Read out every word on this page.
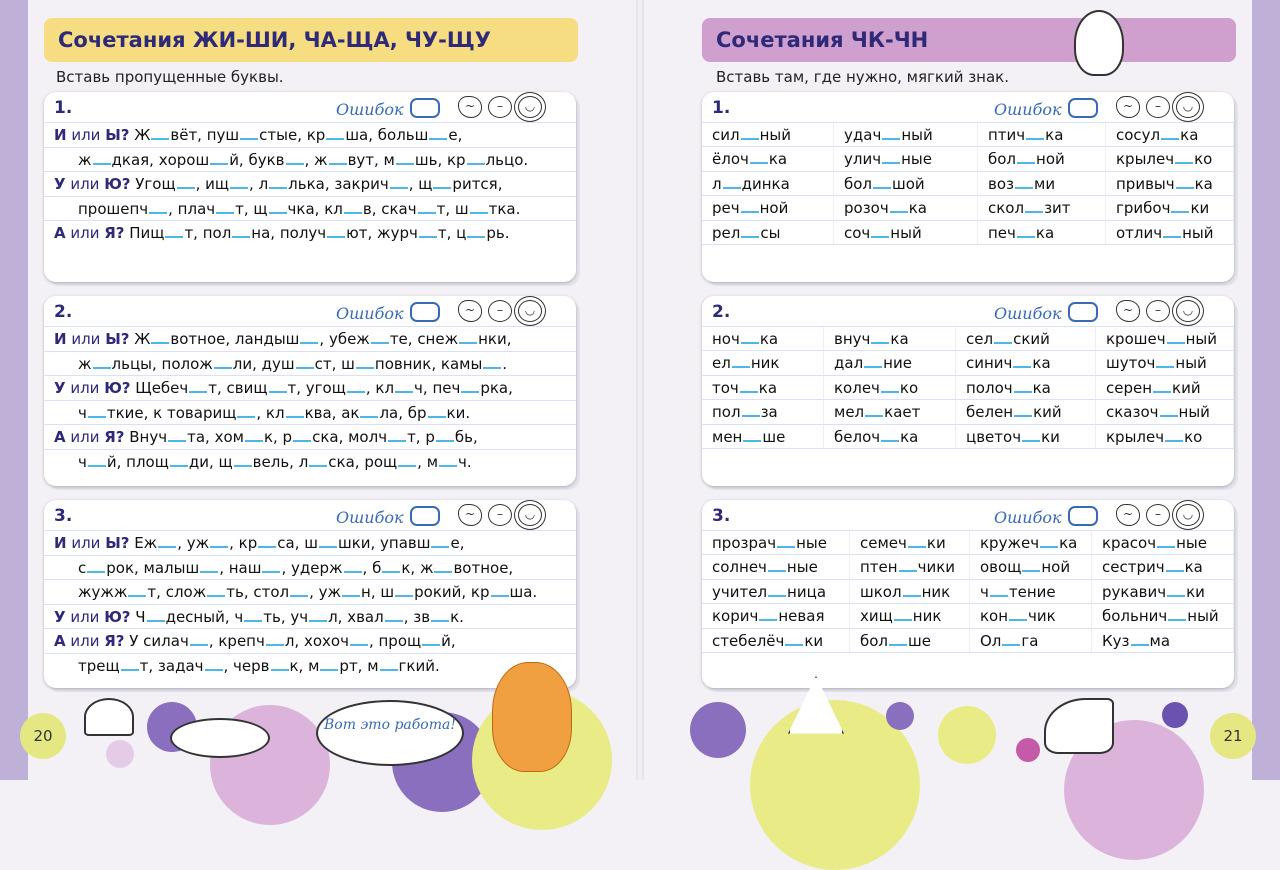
Сочетания ЖИ-ШИ, ЧА-ЩА, ЧУ-ЩУ
Вставь пропущенные буквы.
1.	Ошибок	~	–	◡
И или Ы? Ж вёт, пуш стые, кр ша, больш е,
ж дкая, хорош й, букв , ж вут, м шь, кр льцо.
У или Ю? Угощ , ищ , л лька, закрич , щ рится,
прошепч , плач т, щ чка, кл в, скач т, ш тка.
А или Я? Пищ т, пол на, получ ют, журч т, ц рь.
2.	Ошибок	~	–	◡
И или Ы? Ж вотное, ландыш , убеж те, снеж нки,
ж льцы, полож ли, душ ст, ш повник, камы .
У или Ю? Щебеч т, свищ т, угощ , кл ч, печ рка,
ч ткие, к товарищ , кл ква, ак ла, бр ки.
А или Я? Внуч та, хом к, р ска, молч т, р бь,
ч й, площ ди, щ вель, л ска, рощ , м ч.
3.	Ошибок	~	–	◡
И или Ы? Еж , уж , кр са, ш шки, упавш е,
с рок, малыш , наш , удерж , б к, ж вотное,
жужж т, слож ть, стол , уж н, ш рокий, кр ша.
У или Ю? Ч десный, ч ть, уч л, хвал , зв к.
А или Я? У силач , крепч л, хохоч , прощ й,
трещ т, задач , черв к, м рт, м гкий.
20
Вот это работа!
Сочетания ЧК-ЧН
Вставь там, где нужно, мягкий знак.
1.	Ошибок	~	–	◡
сил ный	удач ный	птич ка	сосул ка
ёлоч ка	улич ные	бол ной	крылеч ко
л динка	бол шой	воз ми	привыч ка
реч ной	розоч ка	скол зит	грибоч ки
рел сы	соч ный	печ ка	отлич ный
2.	Ошибок	~	–	◡
ноч ка	внуч ка	сел ский	крошеч ный
ел ник	дал ние	синич ка	шуточ ный
точ ка	колеч ко	полоч ка	серен кий
пол за	мел кает	белен кий	сказоч ный
мен ше	белоч ка	цветоч ки	крылеч ко
3.	Ошибок	~	–	◡
прозрач ные	семеч ки	кружеч ка	красоч ные
солнеч ные	птен чики	овощ ной	сестрич ка
учител ница	школ ник	ч тение	рукавич ки
корич невая	хищ ник	кон чик	больнич ный
стебелёч ки	бол ше	Ол га	Куз ма
21
